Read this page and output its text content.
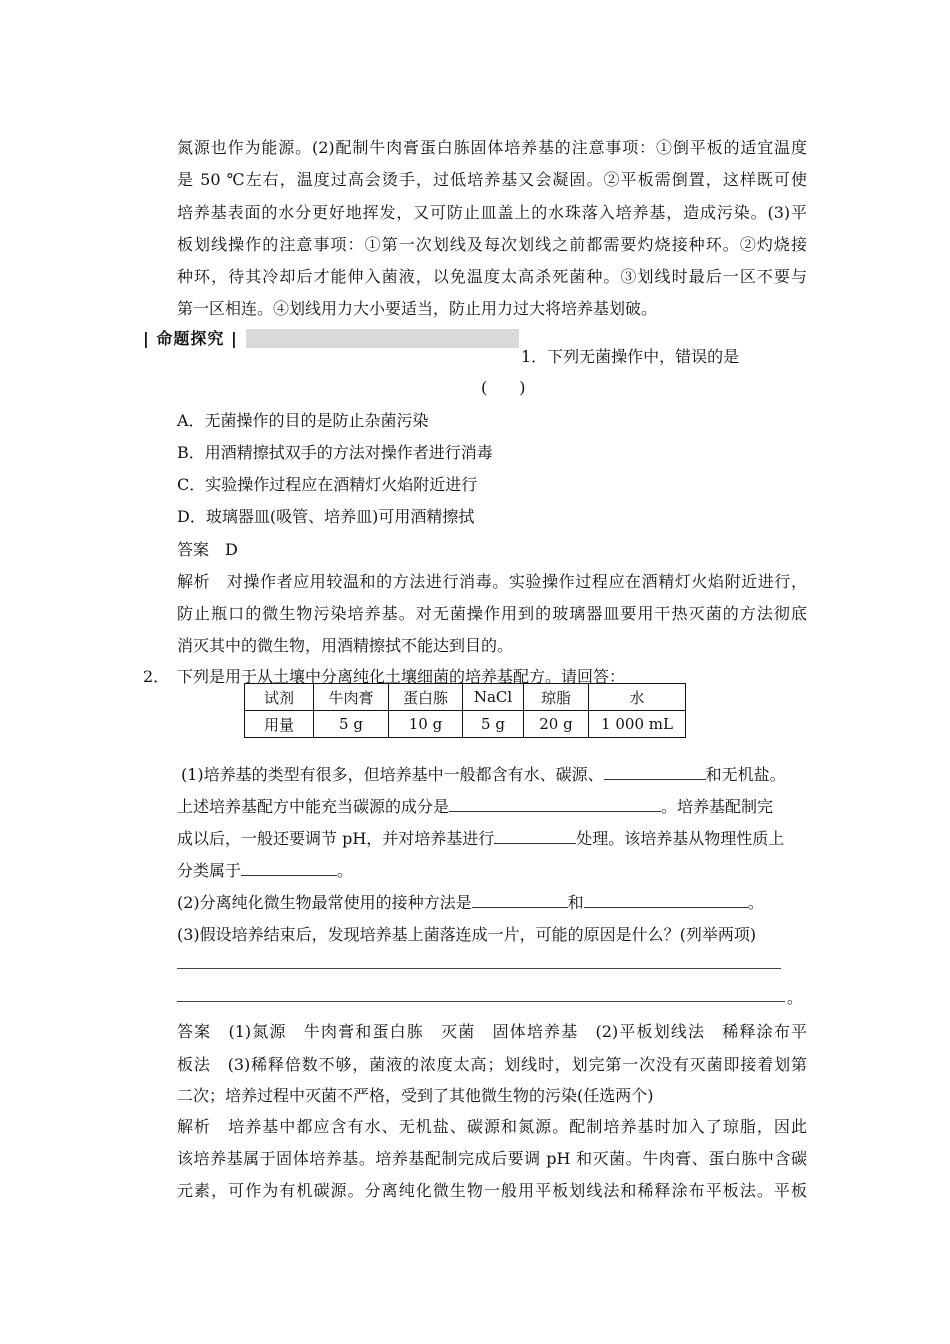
氮源也作为能源。(2)配制牛肉膏蛋白胨固体培养基的注意事项：①倒平板的适宜温度
是 50 ℃左右，温度过高会烫手，过低培养基又会凝固。②平板需倒置，这样既可使
培养基表面的水分更好地挥发，又可防止皿盖上的水珠落入培养基，造成污染。(3)平
板划线操作的注意事项：①第一次划线及每次划线之前都需要灼烧接种环。②灼烧接
种环，待其冷却后才能伸入菌液，以免温度太高杀死菌种。③划线时最后一区不要与
第一区相连。④划线用力大小要适当，防止用力过大将培养基划破。
| 命题探究 |
1．下列无菌操作中，错误的是
(　　)
A．无菌操作的目的是防止杂菌污染
B．用酒精擦拭双手的方法对操作者进行消毒
C．实验操作过程应在酒精灯火焰附近进行
D．玻璃器皿(吸管、培养皿)可用酒精擦拭
答案　D
解析　对操作者应用较温和的方法进行消毒。实验操作过程应在酒精灯火焰附近进行，
防止瓶口的微生物污染培养基。对无菌操作用到的玻璃器皿要用干热灭菌的方法彻底
消灭其中的微生物，用酒精擦拭不能达到目的。
2． 下列是用于从土壤中分离纯化土壤细菌的培养基配方。请回答：
试剂	牛肉膏	蛋白胨	NaCl	琼脂	水
用量	5 g	10 g	5 g	20 g	1 000 mL
(1)培养基的类型有很多，但培养基中一般都含有水、碳源、	和无机盐。
上述培养基配方中能充当碳源的成分是	。培养基配制完
成以后，一般还要调节 pH，并对培养基进行	处理。该培养基从物理性质上
分类属于	。
(2)分离纯化微生物最常使用的接种方法是	和	。
(3)假设培养结束后，发现培养基上菌落连成一片，可能的原因是什么？(列举两项)
。
答案　(1)氮源　牛肉膏和蛋白胨　灭菌　固体培养基　(2)平板划线法　稀释涂布平
板法　(3)稀释倍数不够，菌液的浓度太高；划线时，划完第一次没有灭菌即接着划第
二次；培养过程中灭菌不严格，受到了其他微生物的污染(任选两个)
解析　培养基中都应含有水、无机盐、碳源和氮源。配制培养基时加入了琼脂，因此
该培养基属于固体培养基。培养基配制完成后要调 pH 和灭菌。牛肉膏、蛋白胨中含碳
元素，可作为有机碳源。分离纯化微生物一般用平板划线法和稀释涂布平板法。平板
